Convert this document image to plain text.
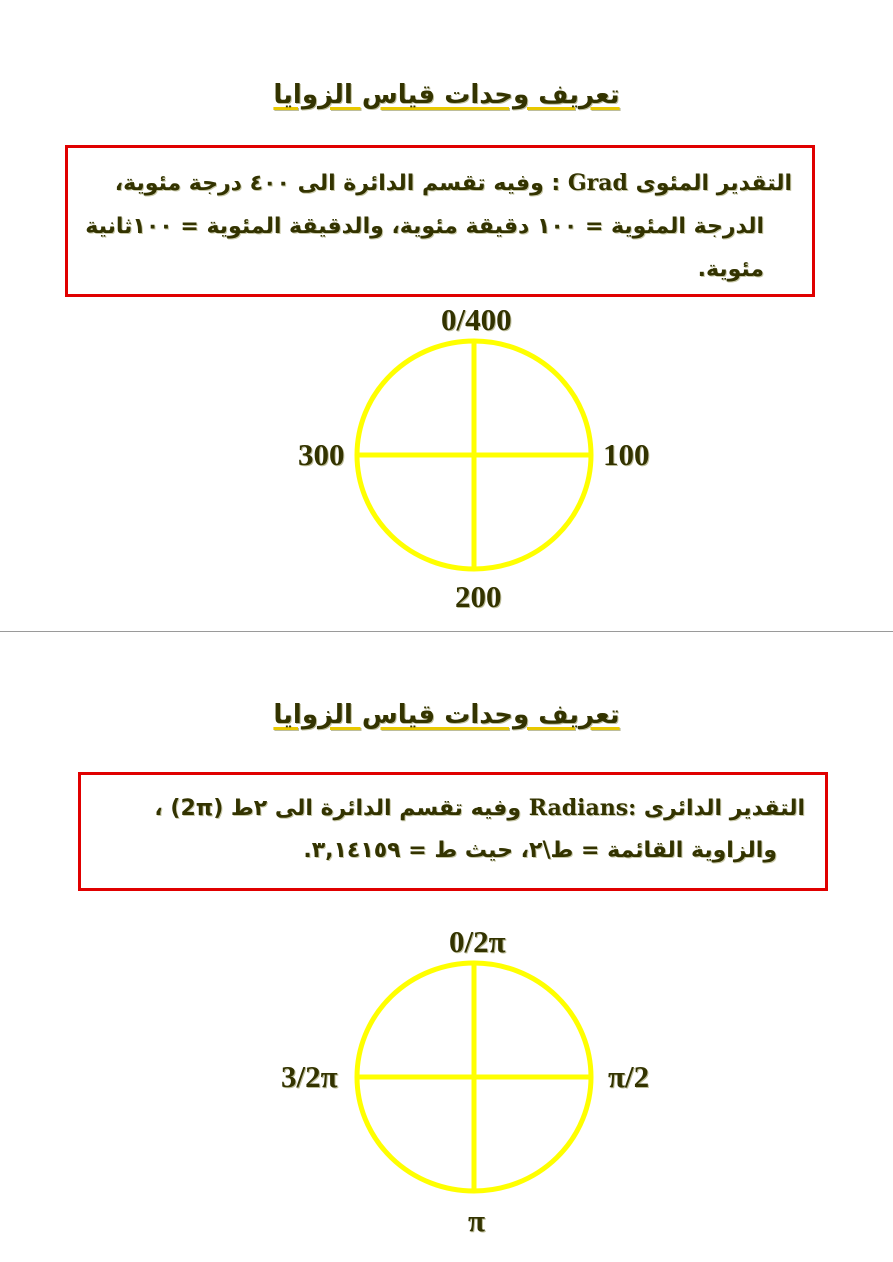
تعريف وحدات قياس الزوايا

التقدير المئوى Grad : وفيه تقسم الدائرة الى ٤٠٠ درجة مئوية،

الدرجة المئوية = ١٠٠ دقيقة مئوية، والدقيقة المئوية = ١٠٠ثانية

مئوية.

0/400
100
200
300
تعريف وحدات قياس الزوايا

التقدير الدائرى Radians: وفيه تقسم الدائرة الى ٢ط (2π) ،

والزاوية القائمة = ط\٢، حيث ط = ٣,١٤١٥٩.

0/2π
π/2
π
3/2π
